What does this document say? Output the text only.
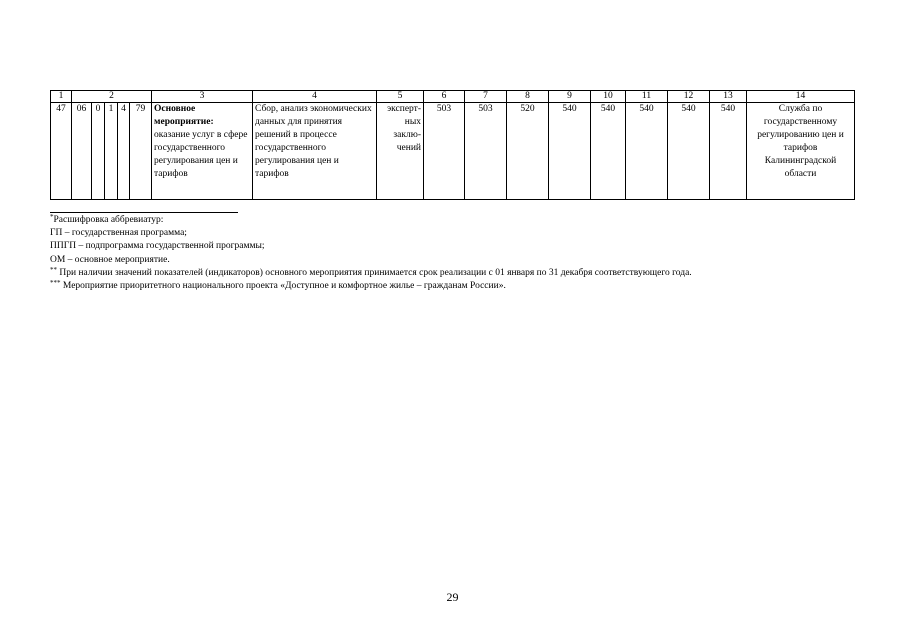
1	2					3	4	5	6	7	8	9	10	11	12	13	14
47	06	0	1	4	79	Основное мероприятие: оказание услуг в сфере государственного регулирования цен и тарифов	Сбор, анализ экономических данных для принятия решений в процессе государственного регулирования цен и тарифов	эксперт-ных заклю-чений	503	503	520	540	540	540	540	540	Служба по государственному регулированию цен и тарифов Калининградской области
*Расшифровка аббревиатур:
ГП – государственная программа;
ППГП – подпрограмма государственной программы;
ОМ – основное мероприятие.
** При наличии значений показателей (индикаторов) основного мероприятия принимается срок реализации с 01 января по 31 декабря соответствующего года.
*** Мероприятие приоритетного национального проекта «Доступное и комфортное жилье – гражданам России».
29
